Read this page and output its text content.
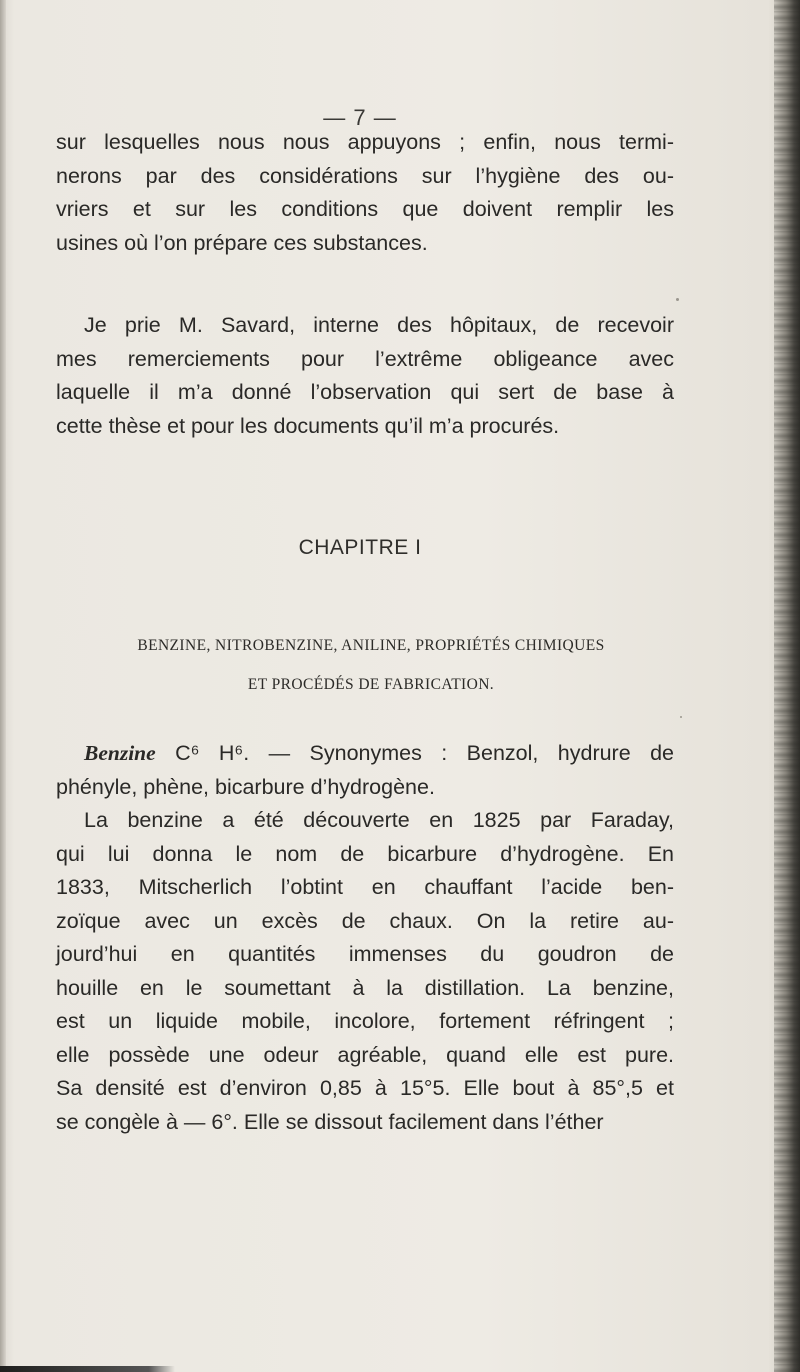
— 7 —
sur lesquelles nous nous appuyons ; enfin, nous termi-
nerons par des considérations sur l’hygiène des ou-
vriers et sur les conditions que doivent remplir les
usines où l’on prépare ces substances.
Je prie M. Savard, interne des hôpitaux, de recevoir
mes remerciements pour l’extrême obligeance avec
laquelle il m’a donné l’observation qui sert de base à
cette thèse et pour les documents qu’il m’a procurés.
CHAPITRE I
BENZINE, NITROBENZINE, ANILINE, PROPRIÉTÉS CHIMIQUES
ET PROCÉDÉS DE FABRICATION.
Benzine C⁶ H⁶. — Synonymes : Benzol, hydrure de
phényle, phène, bicarbure d’hydrogène.
La benzine a été découverte en 1825 par Faraday,
qui lui donna le nom de bicarbure d’hydrogène. En
1833, Mitscherlich l’obtint en chauffant l’acide ben-
zoïque avec un excès de chaux. On la retire au-
jourd’hui en quantités immenses du goudron de
houille en le soumettant à la distillation. La benzine,
est un liquide mobile, incolore, fortement réfringent ;
elle possède une odeur agréable, quand elle est pure.
Sa densité est d’environ 0,85 à 15°5. Elle bout à 85°,5 et
se congèle à — 6°. Elle se dissout facilement dans l’éther
